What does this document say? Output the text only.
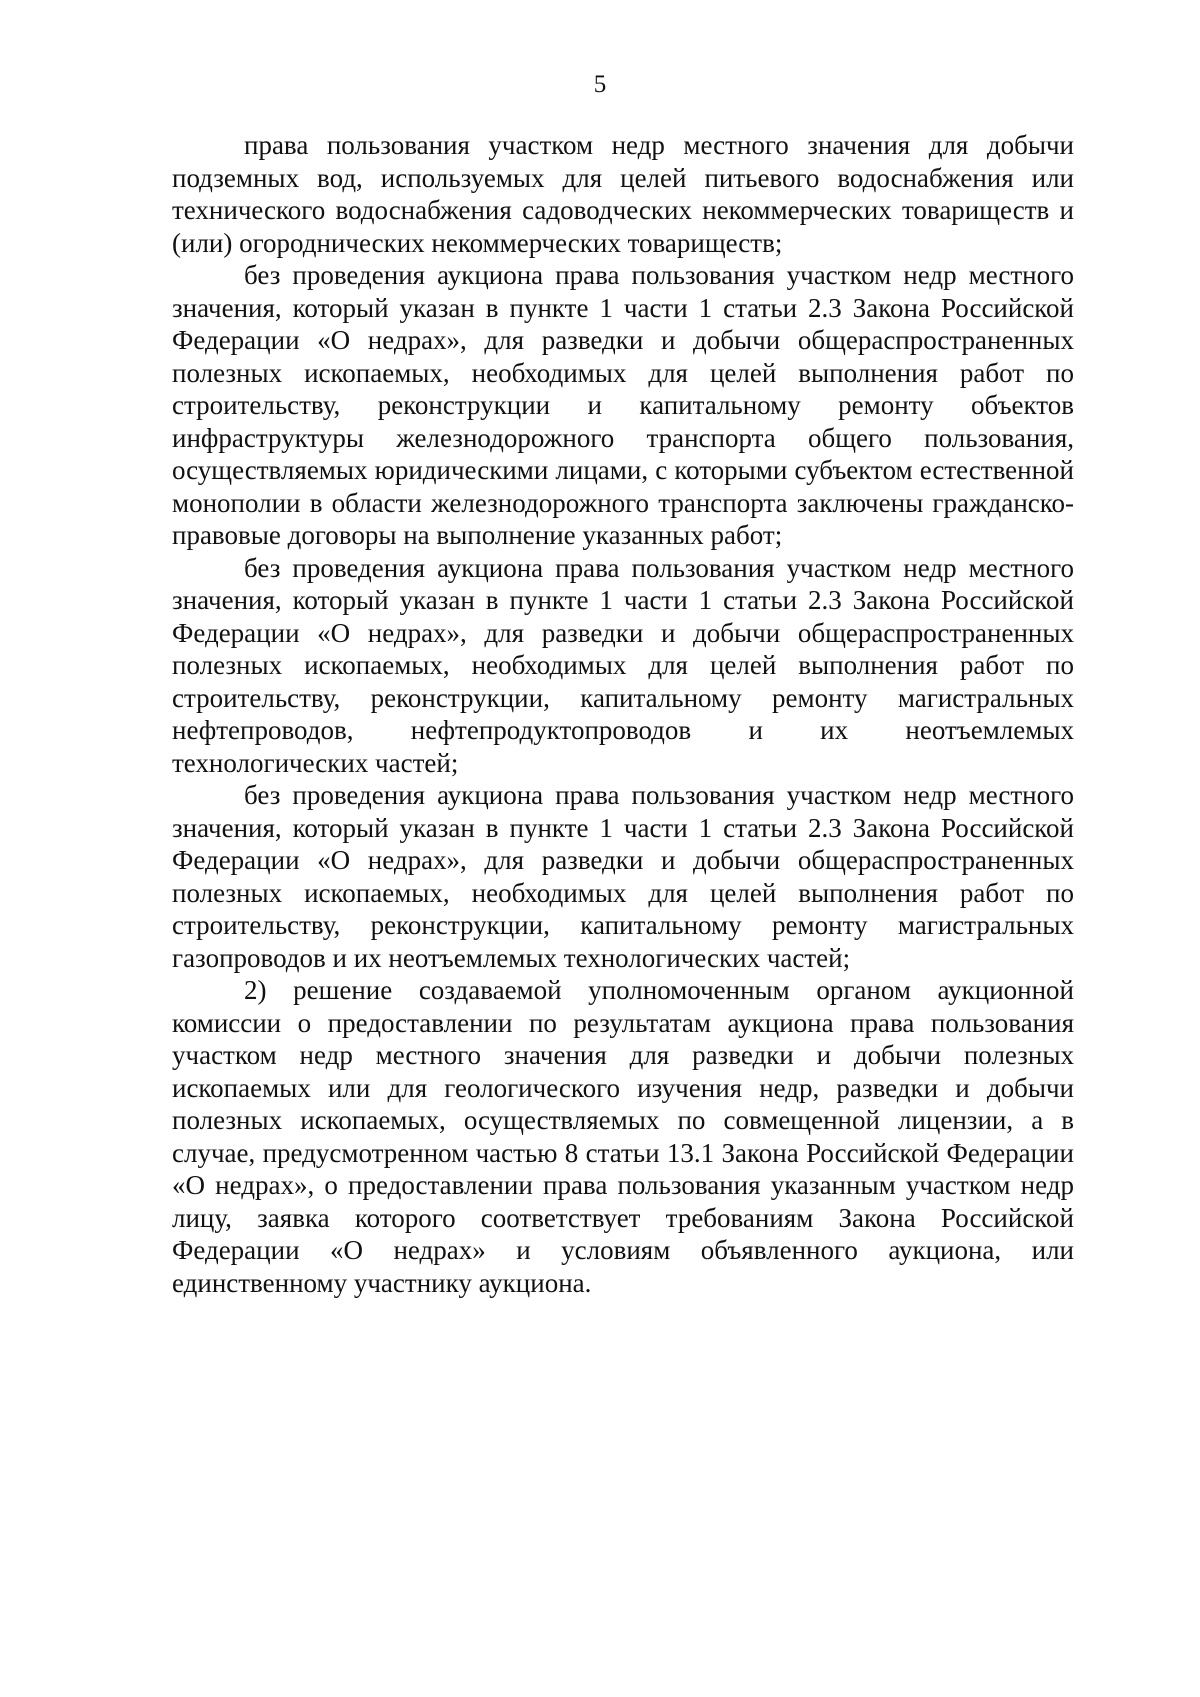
5

права пользования участком недр местного значения для добычи подземных вод, используемых для целей питьевого водоснабжения или технического водоснабжения садоводческих некоммерческих товариществ и (или) огороднических некоммерческих товариществ;

без проведения аукциона права пользования участком недр местного значения, который указан в пункте 1 части 1 статьи 2.3 Закона Российской Федерации «О недрах», для разведки и добычи общераспространенных полезных ископаемых, необходимых для целей выполнения работ по строительству, реконструкции и капитальному ремонту объектов инфраструктуры железнодорожного транспорта общего пользования, осуществляемых юридическими лицами, с которыми субъектом естественной монополии в области железнодорожного транспорта заключены гражданско-правовые договоры на выполнение указанных работ;

без проведения аукциона права пользования участком недр местного значения, который указан в пункте 1 части 1 статьи 2.3 Закона Российской Федерации «О недрах», для разведки и добычи общераспространенных полезных ископаемых, необходимых для целей выполнения работ по строительству, реконструкции, капитальному ремонту магистральных нефтепроводов, нефтепродуктопроводов и их неотъемлемых технологических частей;

без проведения аукциона права пользования участком недр местного значения, который указан в пункте 1 части 1 статьи 2.3 Закона Российской Федерации «О недрах», для разведки и добычи общераспространенных полезных ископаемых, необходимых для целей выполнения работ по строительству, реконструкции, капитальному ремонту магистральных газопроводов и их неотъемлемых технологических частей;

2) решение создаваемой уполномоченным органом аукционной комиссии о предоставлении по результатам аукциона права пользования участком недр местного значения для разведки и добычи полезных ископаемых или для геологического изучения недр, разведки и добычи полезных ископаемых, осуществляемых по совмещенной лицензии, а в случае, предусмотренном частью 8 статьи 13.1 Закона Российской Федерации «О недрах», о предоставлении права пользования указанным участком недр лицу, заявка которого соответствует требованиям Закона Российской Федерации «О недрах» и условиям объявленного аукциона, или единственному участнику аукциона.
